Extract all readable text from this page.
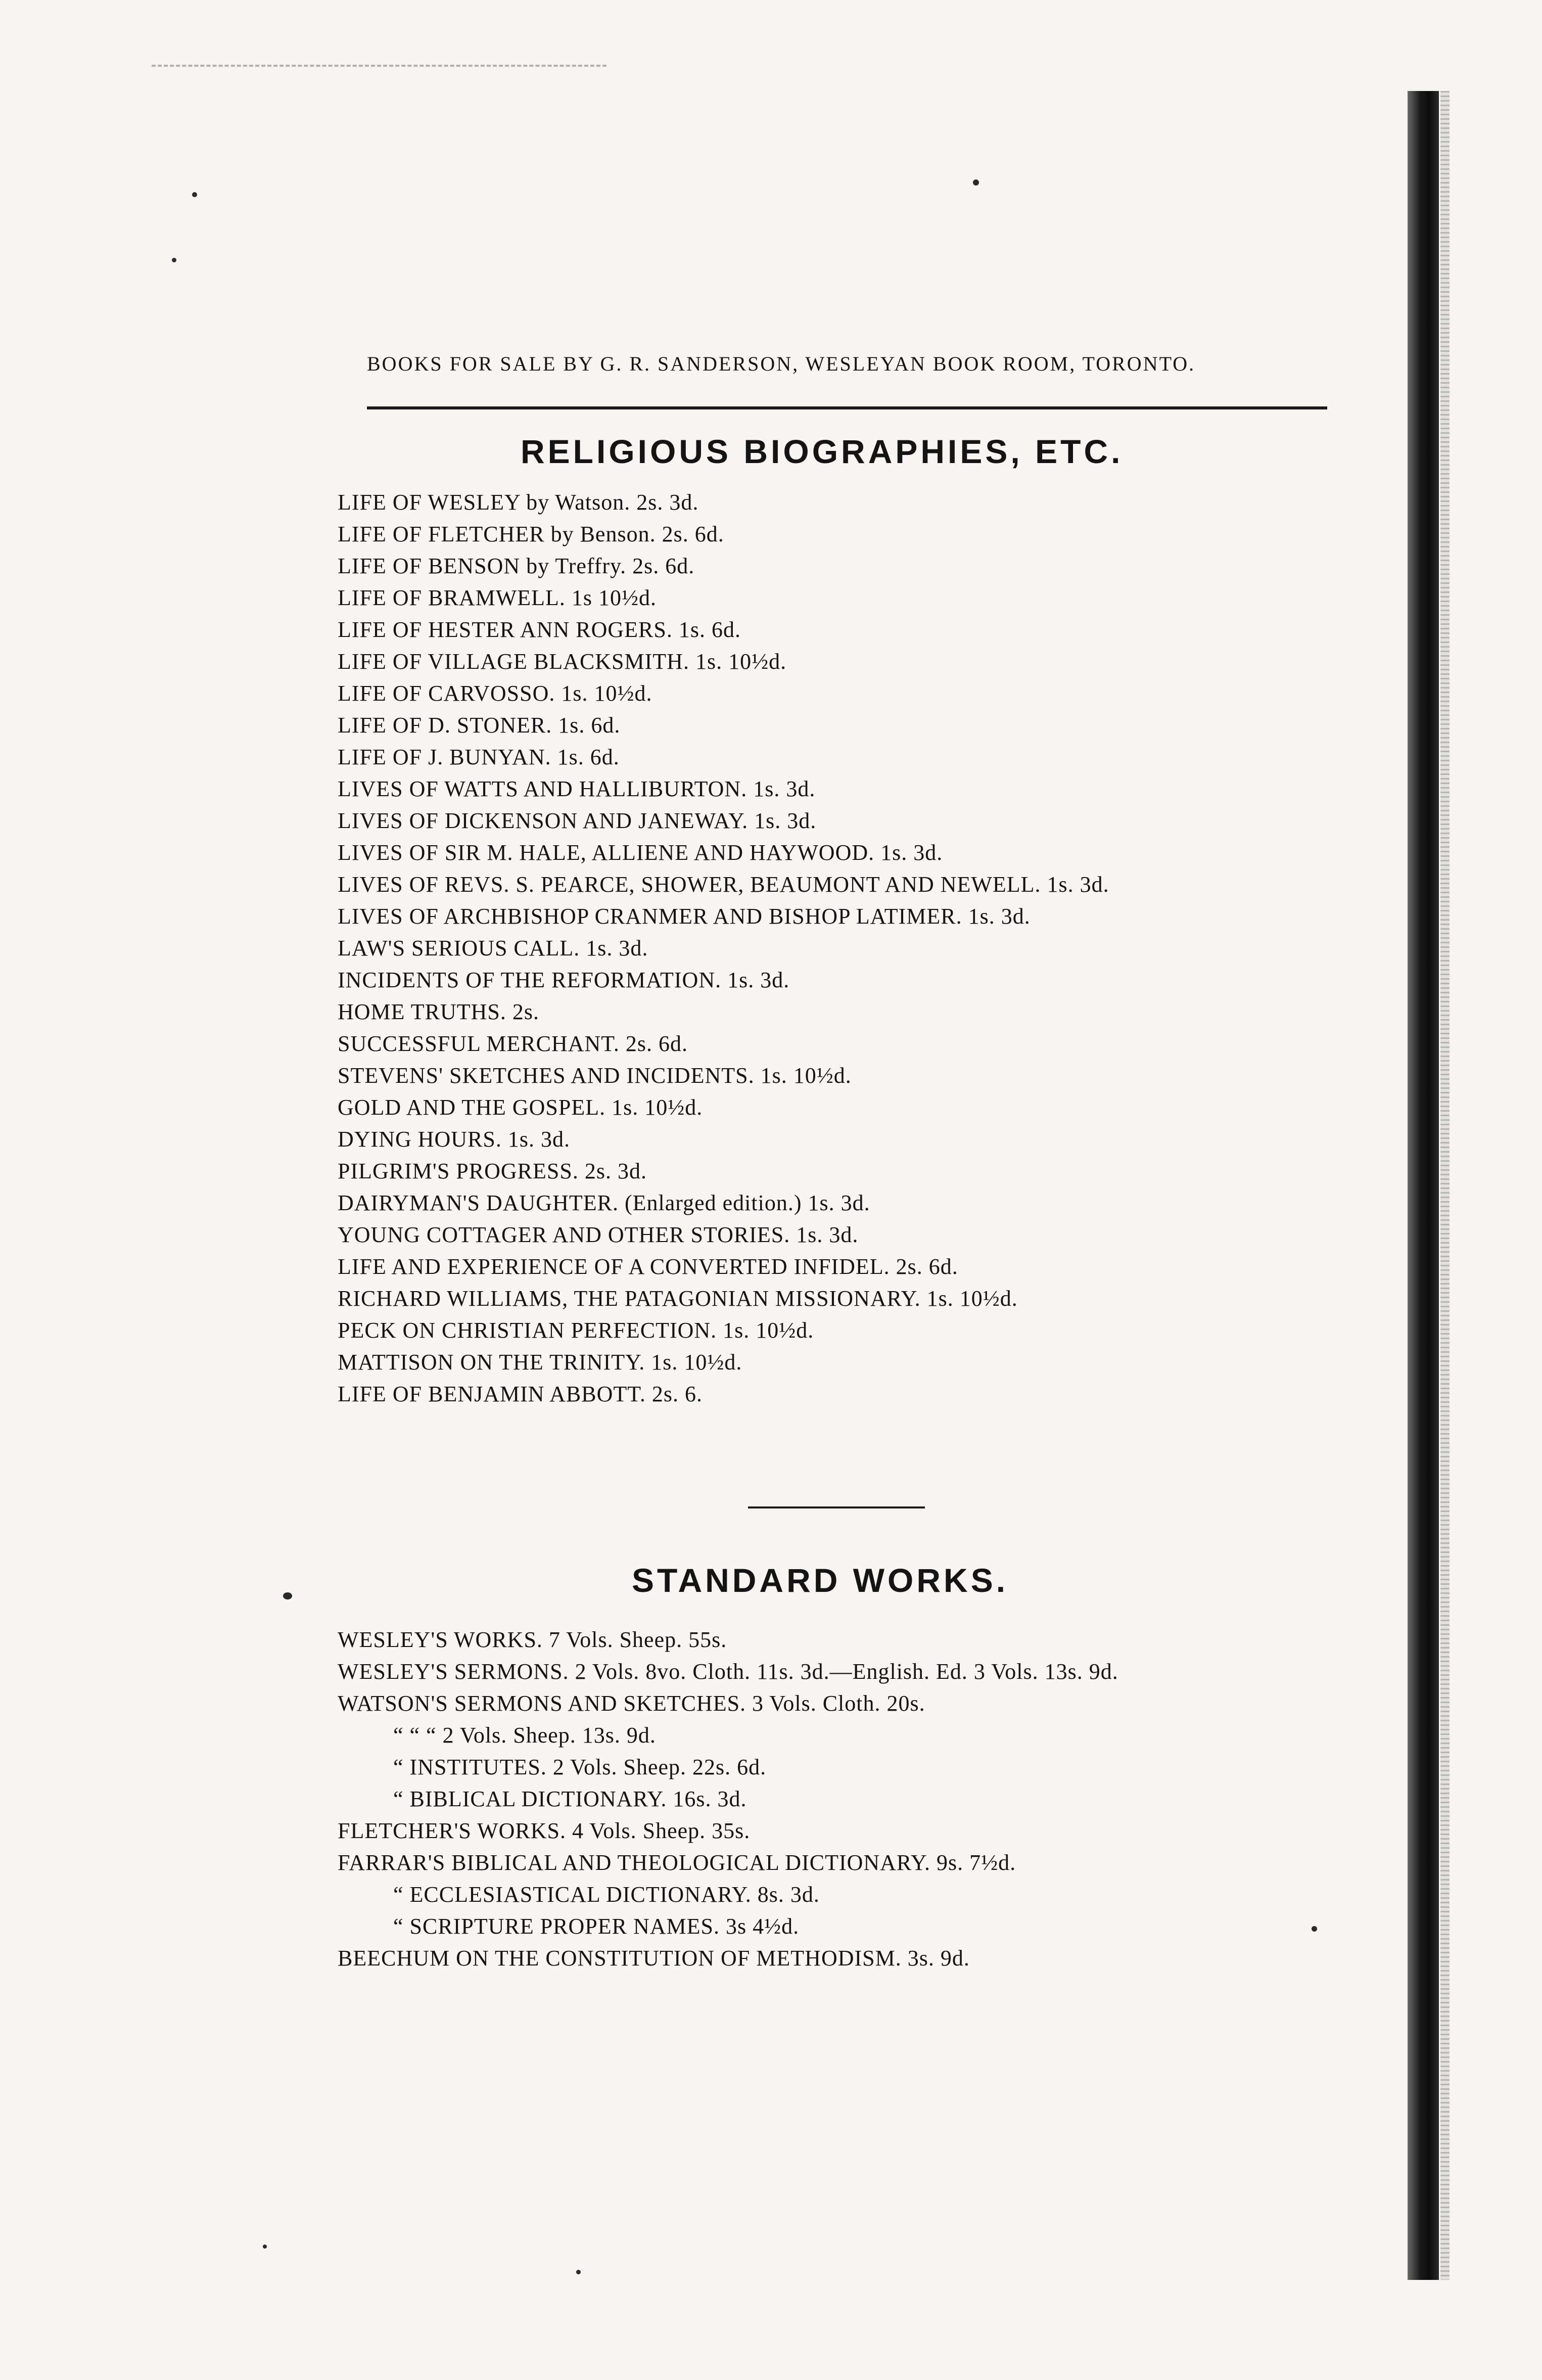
BOOKS FOR SALE BY G. R. SANDERSON, WESLEYAN BOOK ROOM, TORONTO.
RELIGIOUS BIOGRAPHIES, ETC.
LIFE OF WESLEY by Watson. 2s. 3d.
LIFE OF FLETCHER by Benson. 2s. 6d.
LIFE OF BENSON by Treffry. 2s. 6d.
LIFE OF BRAMWELL. 1s 10½d.
LIFE OF HESTER ANN ROGERS. 1s. 6d.
LIFE OF VILLAGE BLACKSMITH. 1s. 10½d.
LIFE OF CARVOSSO. 1s. 10½d.
LIFE OF D. STONER. 1s. 6d.
LIFE OF J. BUNYAN. 1s. 6d.
LIVES OF WATTS AND HALLIBURTON. 1s. 3d.
LIVES OF DICKENSON AND JANEWAY. 1s. 3d.
LIVES OF SIR M. HALE, ALLIENE AND HAYWOOD. 1s. 3d.
LIVES OF REVS. S. PEARCE, SHOWER, BEAUMONT AND NEWELL. 1s. 3d.
LIVES OF ARCHBISHOP CRANMER AND BISHOP LATIMER. 1s. 3d.
LAW'S SERIOUS CALL. 1s. 3d.
INCIDENTS OF THE REFORMATION. 1s. 3d.
HOME TRUTHS. 2s.
SUCCESSFUL MERCHANT. 2s. 6d.
STEVENS' SKETCHES AND INCIDENTS. 1s. 10½d.
GOLD AND THE GOSPEL. 1s. 10½d.
DYING HOURS. 1s. 3d.
PILGRIM'S PROGRESS. 2s. 3d.
DAIRYMAN'S DAUGHTER. (Enlarged edition.) 1s. 3d.
YOUNG COTTAGER AND OTHER STORIES. 1s. 3d.
LIFE AND EXPERIENCE OF A CONVERTED INFIDEL. 2s. 6d.
RICHARD WILLIAMS, THE PATAGONIAN MISSIONARY. 1s. 10½d.
PECK ON CHRISTIAN PERFECTION. 1s. 10½d.
MATTISON ON THE TRINITY. 1s. 10½d.
LIFE OF BENJAMIN ABBOTT. 2s. 6.
STANDARD WORKS.
WESLEY'S WORKS. 7 Vols. Sheep. 55s.
WESLEY'S SERMONS. 2 Vols. 8vo. Cloth. 11s. 3d.—English. Ed. 3 Vols. 13s. 9d.
WATSON'S SERMONS AND SKETCHES. 3 Vols. Cloth. 20s.
“ “ “ 2 Vols. Sheep. 13s. 9d.
“ INSTITUTES. 2 Vols. Sheep. 22s. 6d.
“ BIBLICAL DICTIONARY. 16s. 3d.
FLETCHER'S WORKS. 4 Vols. Sheep. 35s.
FARRAR'S BIBLICAL AND THEOLOGICAL DICTIONARY. 9s. 7½d.
“ ECCLESIASTICAL DICTIONARY. 8s. 3d.
“ SCRIPTURE PROPER NAMES. 3s 4½d.
BEECHUM ON THE CONSTITUTION OF METHODISM. 3s. 9d.
